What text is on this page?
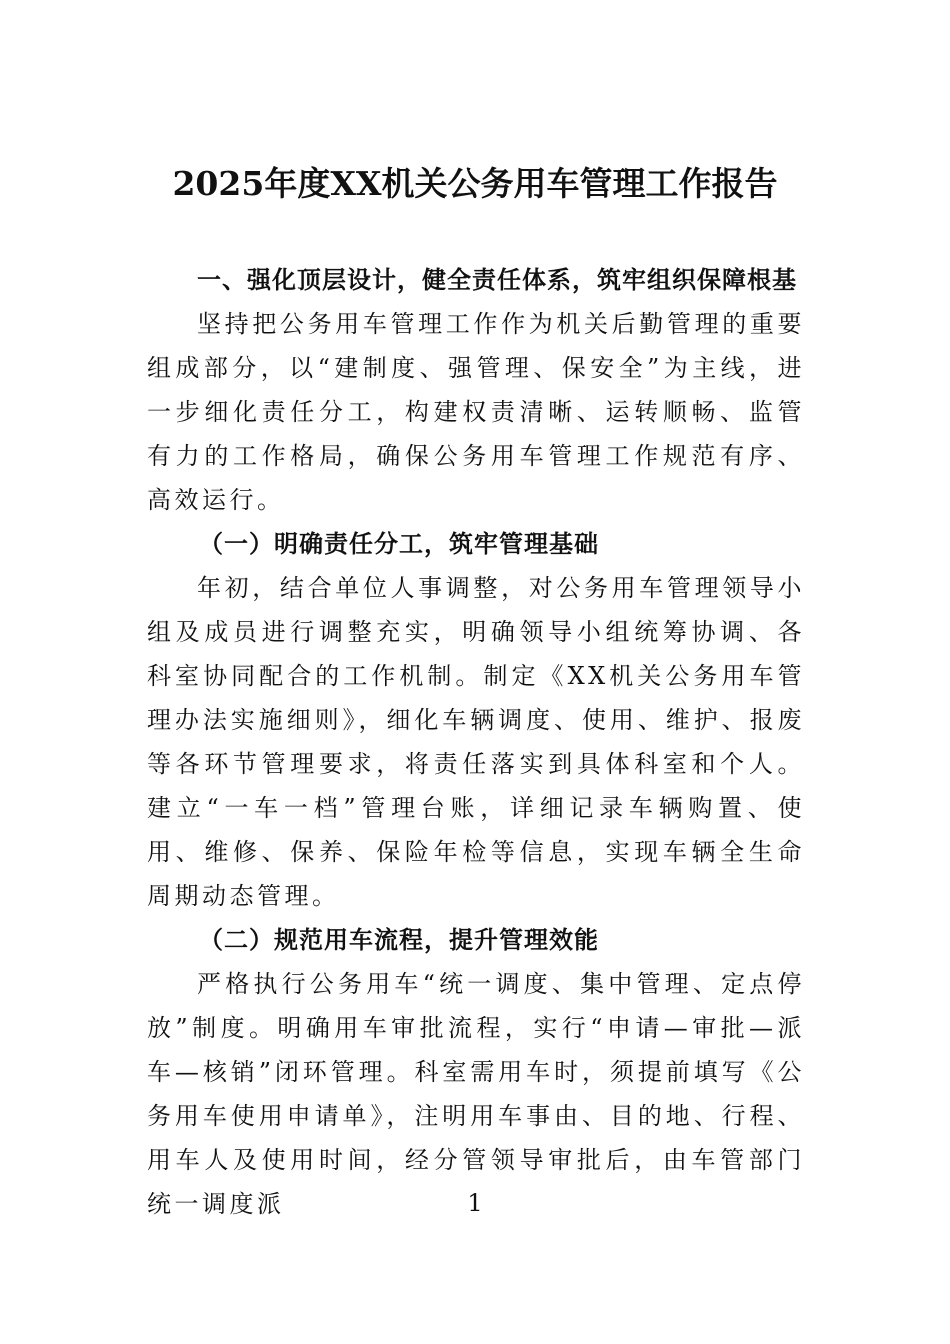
2025年度XX机关公务用车管理工作报告

一、强化顶层设计，健全责任体系，筑牢组织保障根基

坚持把公务用车管理工作作为机关后勤管理的重要组成部分，以“建制度、强管理、保安全”为主线，进一步细化责任分工，构建权责清晰、运转顺畅、监管有力的工作格局，确保公务用车管理工作规范有序、高效运行。

（一）明确责任分工，筑牢管理基础

年初，结合单位人事调整，对公务用车管理领导小组及成员进行调整充实，明确领导小组统筹协调、各科室协同配合的工作机制。制定《XX机关公务用车管理办法实施细则》，细化车辆调度、使用、维护、报废等各环节管理要求，将责任落实到具体科室和个人。建立“一车一档”管理台账，详细记录车辆购置、使用、维修、保养、保险年检等信息，实现车辆全生命周期动态管理。

（二）规范用车流程，提升管理效能

严格执行公务用车“统一调度、集中管理、定点停放”制度。明确用车审批流程，实行“申请—审批—派车—核销”闭环管理。科室需用车时，须提前填写《公务用车使用申请单》，注明用车事由、目的地、行程、用车人及使用时间，经分管领导审批后，由车管部门统一调度派	1
